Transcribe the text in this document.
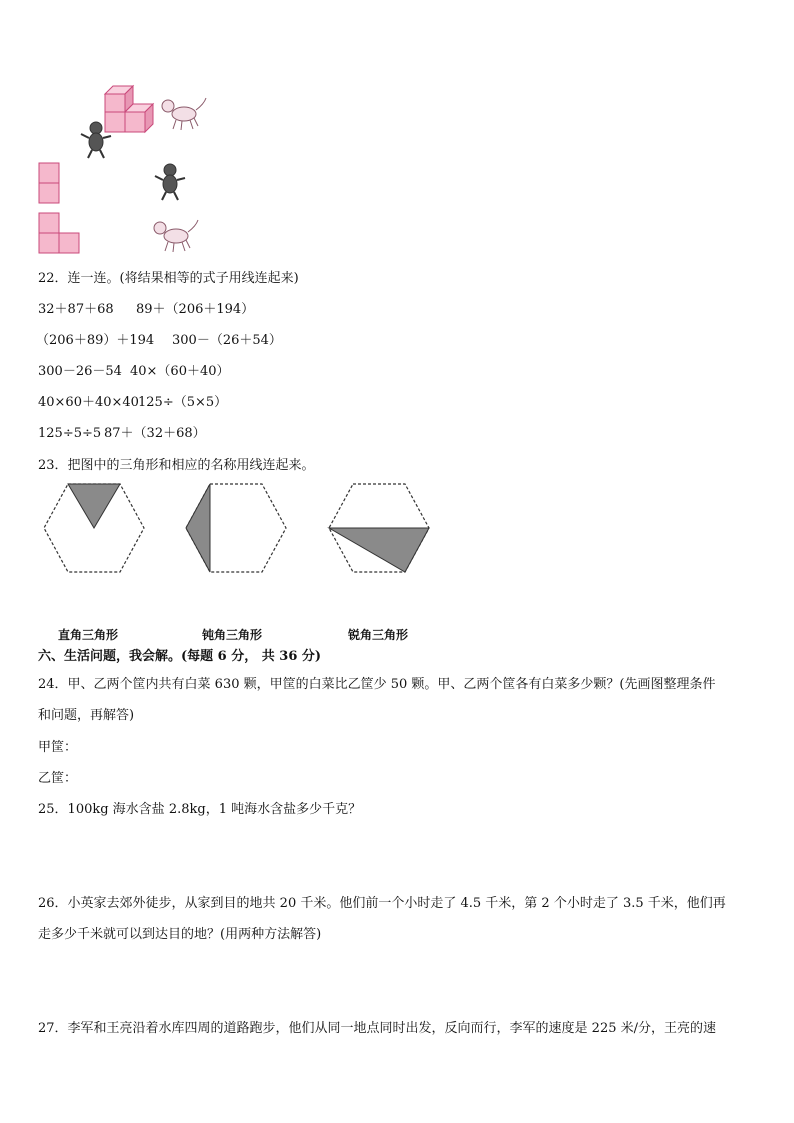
22．连一连。(将结果相等的式子用线连起来)
32＋87＋68 89＋（206＋194）
（206＋89）＋194 300－（26＋54）
300－26－54 40×（60＋40）
40×60＋40×40 125÷（5×5）
125÷5÷5 87＋（32＋68）
23．把图中的三角形和相应的名称用线连起来。
直角三角形	钝角三角形	锐角三角形
六、生活问题，我会解。(每题 6 分， 共 36 分)
24．甲、乙两个筐内共有白菜 630 颗，甲筐的白菜比乙筐少 50 颗。甲、乙两个筐各有白菜多少颗？(先画图整理条件
和问题，再解答)
甲筐：
乙筐：
25．100kg 海水含盐 2.8kg，1 吨海水含盐多少千克？
26．小英家去郊外徒步，从家到目的地共 20 千米。他们前一个小时走了 4.5 千米，第 2 个小时走了 3.5 千米，他们再
走多少千米就可以到达目的地？(用两种方法解答)
27．李军和王亮沿着水库四周的道路跑步，他们从同一地点同时出发，反向而行，李军的速度是 225 米/分，王亮的速
